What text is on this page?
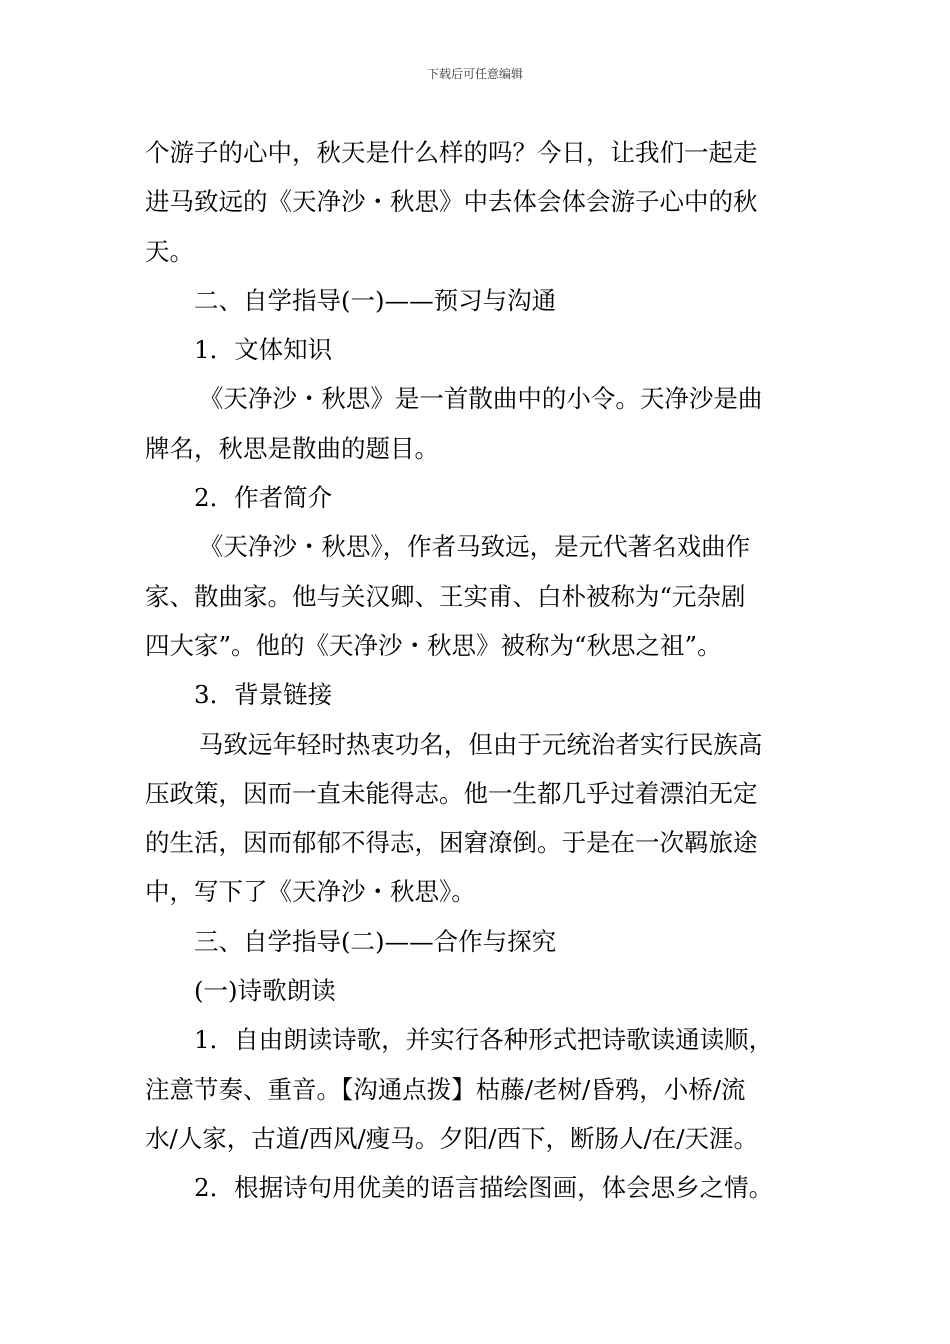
下载后可任意编辑
个游子的心中，秋天是什么样的吗？今日，让我们一起走
进马致远的《天净沙・秋思》中去体会体会游子心中的秋
天。
二、自学指导(一)——预习与沟通
1．文体知识
《天净沙・秋思》是一首散曲中的小令。天净沙是曲
牌名，秋思是散曲的题目。
2．作者简介
《天净沙・秋思》，作者马致远，是元代著名戏曲作
家、散曲家。他与关汉卿、王实甫、白朴被称为“元杂剧
四大家”。他的《天净沙・秋思》被称为“秋思之祖”。
3．背景链接
马致远年轻时热衷功名，但由于元统治者实行民族高
压政策，因而一直未能得志。他一生都几乎过着漂泊无定
的生活，因而郁郁不得志，困窘潦倒。于是在一次羁旅途
中，写下了《天净沙・秋思》。
三、自学指导(二)——合作与探究
(一)诗歌朗读
1．自由朗读诗歌，并实行各种形式把诗歌读通读顺，
注意节奏、重音。【沟通点拨】枯藤/老树/昏鸦，小桥/流
水/人家，古道/西风/瘦马。夕阳/西下，断肠人/在/天涯。
2．根据诗句用优美的语言描绘图画，体会思乡之情。
